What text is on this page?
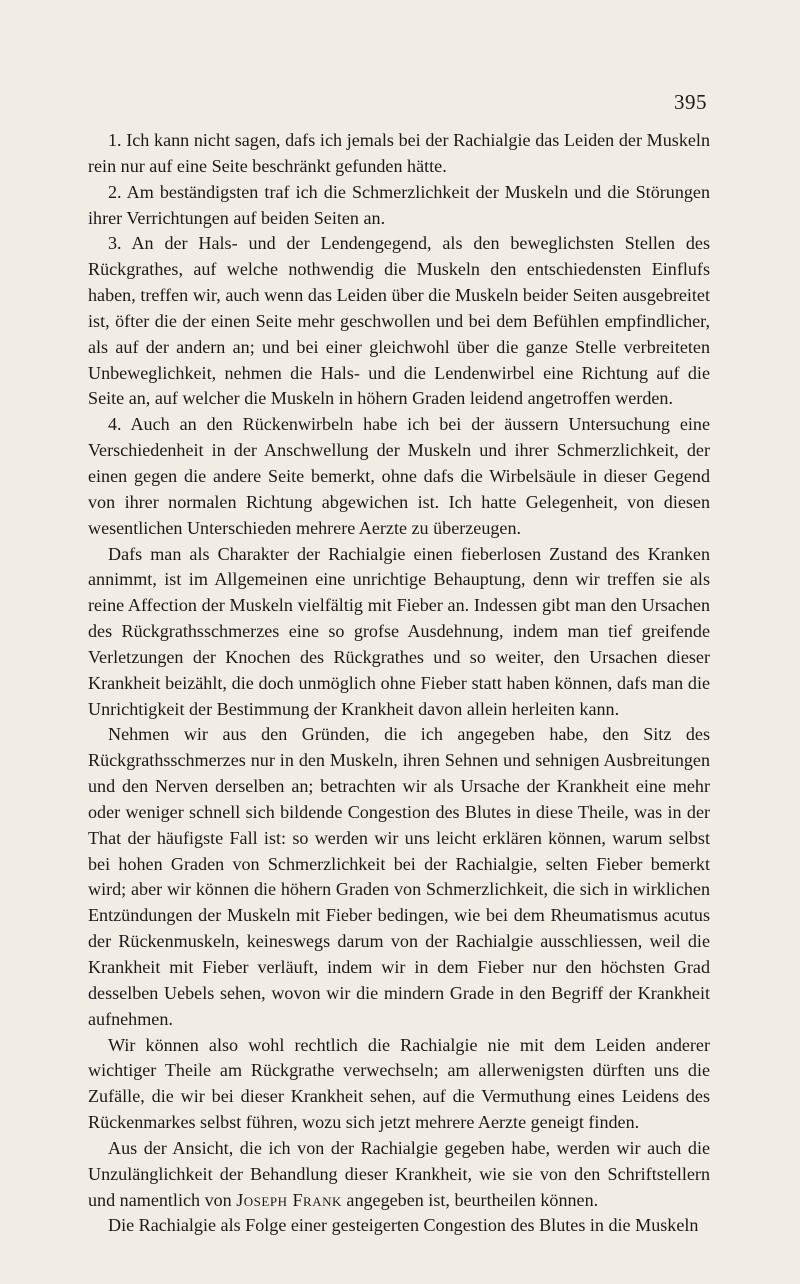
395

1. Ich kann nicht sagen, dafs ich jemals bei der Rachialgie das Leiden der Muskeln rein nur auf eine Seite beschränkt gefunden hätte.

2. Am beständigsten traf ich die Schmerzlichkeit der Muskeln und die Störungen ihrer Verrichtungen auf beiden Seiten an.

3. An der Hals- und der Lendengegend, als den beweglichsten Stellen des Rückgrathes, auf welche nothwendig die Muskeln den entschiedensten Einflufs haben, treffen wir, auch wenn das Leiden über die Muskeln beider Seiten ausgebreitet ist, öfter die der einen Seite mehr geschwollen und bei dem Befühlen empfindlicher, als auf der andern an; und bei einer gleichwohl über die ganze Stelle verbreiteten Unbeweglichkeit, nehmen die Hals- und die Lendenwirbel eine Richtung auf die Seite an, auf welcher die Muskeln in höhern Graden leidend angetroffen werden.

4. Auch an den Rückenwirbeln habe ich bei der äussern Untersuchung eine Verschiedenheit in der Anschwellung der Muskeln und ihrer Schmerzlichkeit, der einen gegen die andere Seite bemerkt, ohne dafs die Wirbelsäule in dieser Gegend von ihrer normalen Richtung abgewichen ist. Ich hatte Gelegenheit, von diesen wesentlichen Unterschieden mehrere Aerzte zu überzeugen.

Dafs man als Charakter der Rachialgie einen fieberlosen Zustand des Kranken annimmt, ist im Allgemeinen eine unrichtige Behauptung, denn wir treffen sie als reine Affection der Muskeln vielfältig mit Fieber an. Indessen gibt man den Ursachen des Rückgrathsschmerzes eine so grofse Ausdehnung, indem man tief greifende Verletzungen der Knochen des Rückgrathes und so weiter, den Ursachen dieser Krankheit beizählt, die doch unmöglich ohne Fieber statt haben können, dafs man die Unrichtigkeit der Bestimmung der Krankheit davon allein herleiten kann.

Nehmen wir aus den Gründen, die ich angegeben habe, den Sitz des Rückgrathsschmerzes nur in den Muskeln, ihren Sehnen und sehnigen Ausbreitungen und den Nerven derselben an; betrachten wir als Ursache der Krankheit eine mehr oder weniger schnell sich bildende Congestion des Blutes in diese Theile, was in der That der häufigste Fall ist: so werden wir uns leicht erklären können, warum selbst bei hohen Graden von Schmerzlichkeit bei der Rachialgie, selten Fieber bemerkt wird; aber wir können die höhern Graden von Schmerzlichkeit, die sich in wirklichen Entzündungen der Muskeln mit Fieber bedingen, wie bei dem Rheumatismus acutus der Rückenmuskeln, keineswegs darum von der Rachialgie ausschliessen, weil die Krankheit mit Fieber verläuft, indem wir in dem Fieber nur den höchsten Grad desselben Uebels sehen, wovon wir die mindern Grade in den Begriff der Krankheit aufnehmen.

Wir können also wohl rechtlich die Rachialgie nie mit dem Leiden anderer wichtiger Theile am Rückgrathe verwechseln; am allerwenigsten dürften uns die Zufälle, die wir bei dieser Krankheit sehen, auf die Vermuthung eines Leidens des Rückenmarkes selbst führen, wozu sich jetzt mehrere Aerzte geneigt finden.

Aus der Ansicht, die ich von der Rachialgie gegeben habe, werden wir auch die Unzulänglichkeit der Behandlung dieser Krankheit, wie sie von den Schriftstellern und namentlich von Joseph Frank angegeben ist, beurtheilen können.

Die Rachialgie als Folge einer gesteigerten Congestion des Blutes in die Muskeln
